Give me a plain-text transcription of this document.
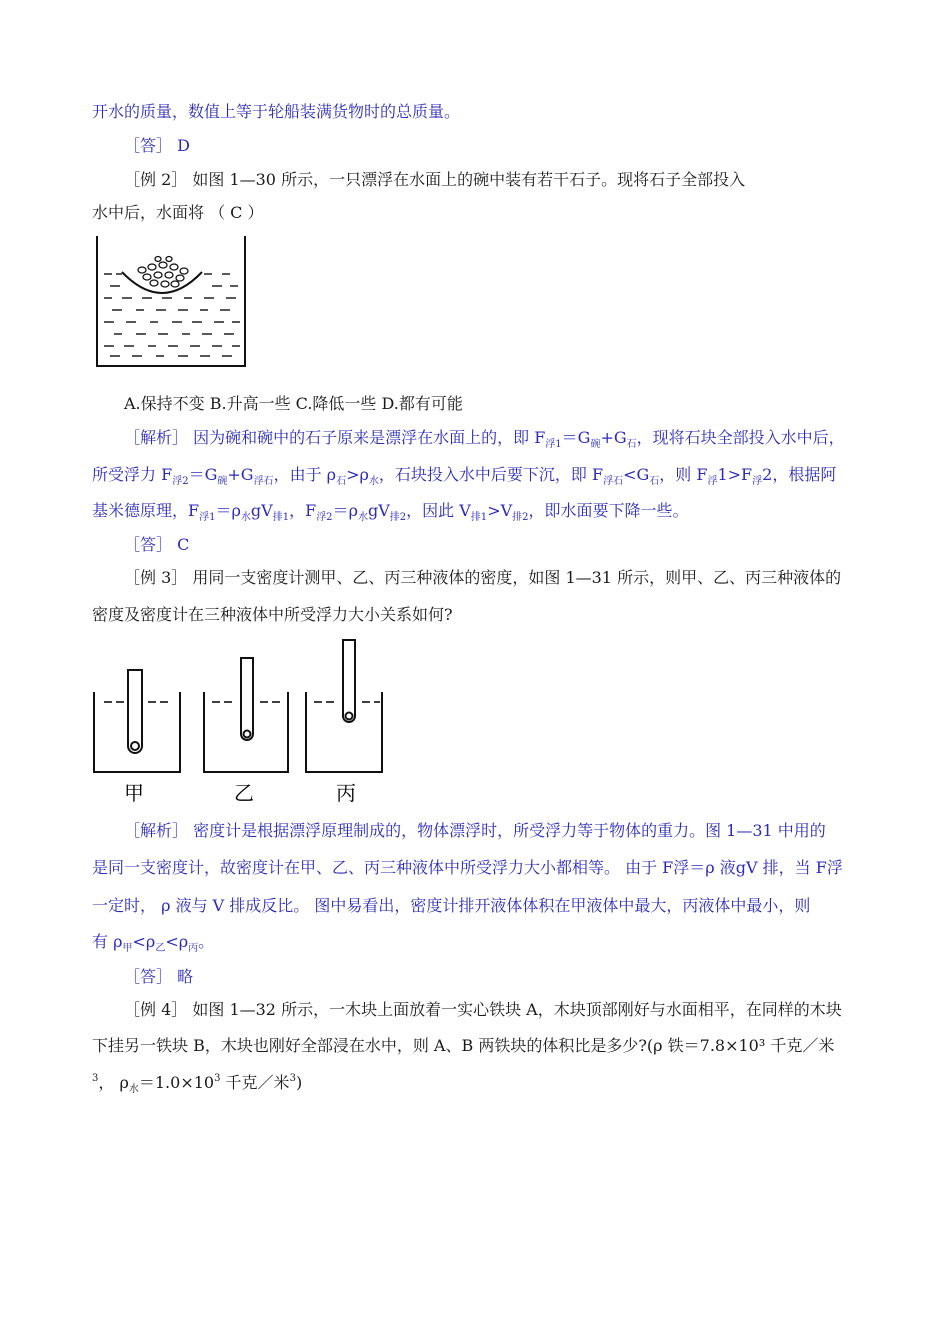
开水的质量，数值上等于轮船装满货物时的总质量。
［答］ D
［例 2］ 如图 1—30 所示，一只漂浮在水面上的碗中装有若干石子。现将石子全部投入
水中后，水面将 （ C ）
A.保持不变 B.升高一些 C.降低一些 D.都有可能
［解析］ 因为碗和碗中的石子原来是漂浮在水面上的，即 $F_{浮1}=G_碗+G_石$，现将石块全部投入水中后，
所受浮力 $F_{浮2}=G_碗+G_{浮石}$，由于 $\rho_石>\rho_水$，石块投入水中后要下沉，即 $F_{浮石}<G_石$，则 $F_浮1>F_浮2$，根据阿
基米德原理，$F_{浮1}=\rho_水gV_{排1}$，$F_{浮2}=\rho_水gV_{排2}$，因此 $V_{排1}>V_{排2}$，即水面要下降一些。
［答］ C
［例 3］ 用同一支密度计测甲、乙、丙三种液体的密度，如图 1—31 所示，则甲、乙、丙三种液体的
密度及密度计在三种液体中所受浮力大小关系如何?
甲	乙	丙
［解析］ 密度计是根据漂浮原理制成的，物体漂浮时，所受浮力等于物体的重力。图 1—31 中用的
是同一支密度计，故密度计在甲、乙、丙三种液体中所受浮力大小都相等。 由于 F浮＝ρ 液gV 排，当 F浮
一定时， ρ 液与 V 排成反比。 图中易看出，密度计排开液体体积在甲液体中最大，丙液体中最小，则
有 $\rho_甲<\rho_乙<\rho_丙$。
［答］ 略
［例 4］ 如图 1—32 所示，一木块上面放着一实心铁块 A，木块顶部刚好与水面相平，在同样的木块
下挂另一铁块 B，木块也刚好全部浸在水中，则 A、B 两铁块的体积比是多少?(ρ 铁＝7.8×10³ 千克／米
$^3$， $\rho_水=1.0\times 10^3$ 千克／米$^3$)
